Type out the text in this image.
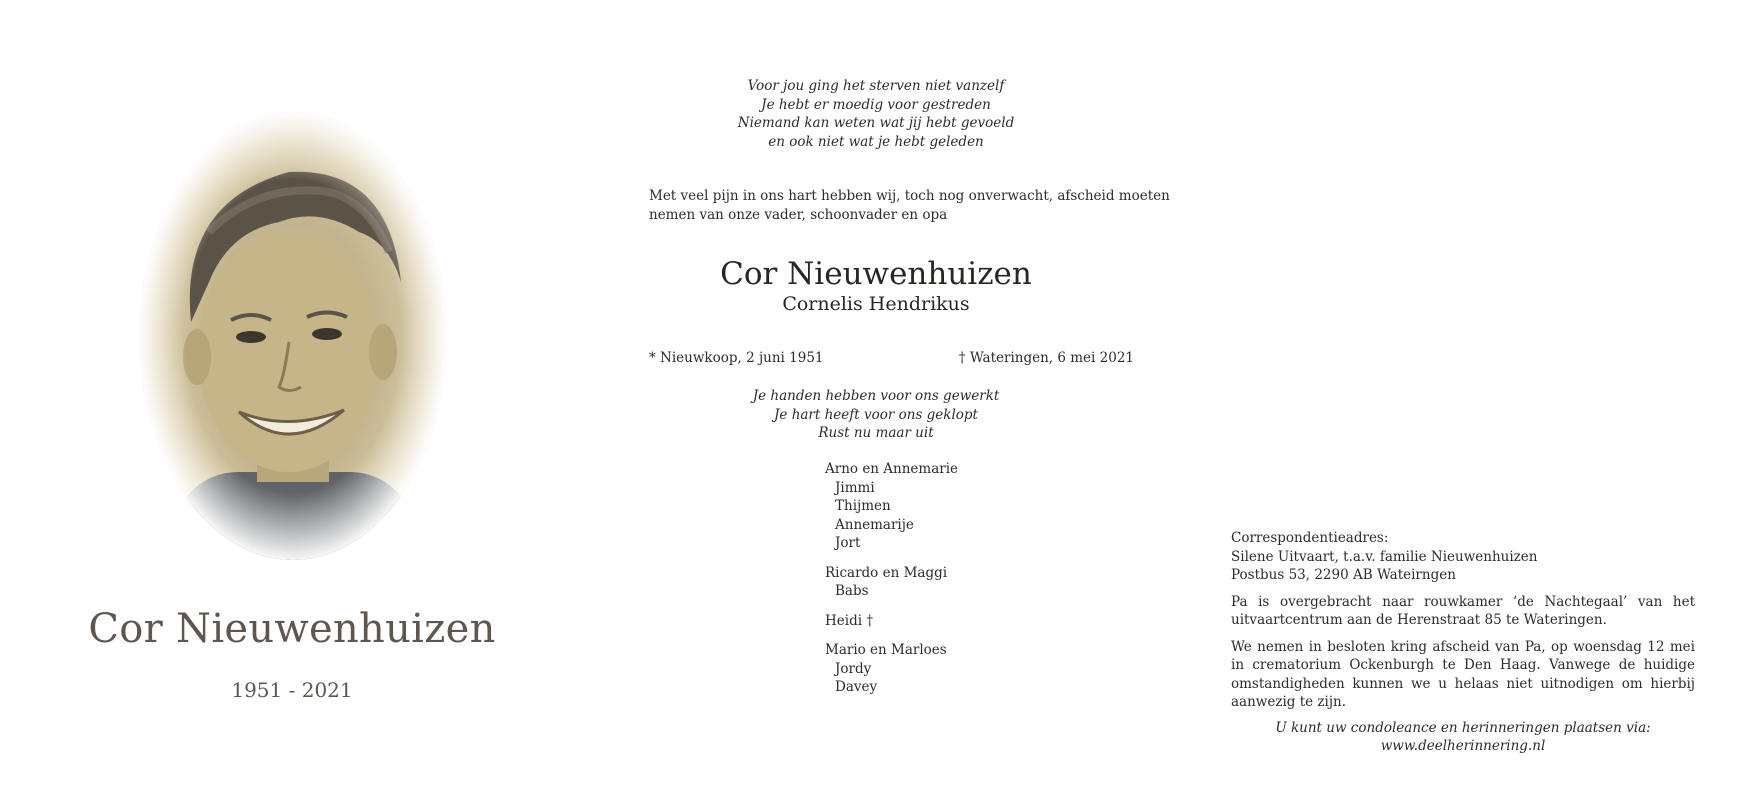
Cor Nieuwenhuizen
1951 - 2021
Voor jou ging het sterven niet vanzelf
Je hebt er moedig voor gestreden
Niemand kan weten wat jij hebt gevoeld
en ook niet wat je hebt geleden
Met veel pijn in ons hart hebben wij, toch nog onverwacht, afscheid moeten
nemen van onze vader, schoonvader en opa
Cor Nieuwenhuizen
Cornelis Hendrikus
* Nieuwkoop, 2 juni 1951	† Wateringen, 6 mei 2021
Je handen hebben voor ons gewerkt
Je hart heeft voor ons geklopt
Rust nu maar uit
Arno en Annemarie
Jimmi
Thijmen
Annemarije
Jort
Ricardo en Maggi
Babs
Heidi †
Mario en Marloes
Jordy
Davey

Correspondentieadres:
Silene Uitvaart, t.a.v. familie Nieuwenhuizen
Postbus 53, 2290 AB Wateirngen

Pa is overgebracht naar rouwkamer ‘de Nachtegaal’ van het uitvaartcentrum aan de Herenstraat 85 te Wateringen.

We nemen in besloten kring afscheid van Pa, op woensdag 12 mei in crematorium Ockenburgh te Den Haag. Vanwege de huidige omstandigheden kunnen we u helaas niet uitnodigen om hierbij aanwezig te zijn.

U kunt uw condoleance en herinneringen plaatsen via:
www.deelherinnering.nl
